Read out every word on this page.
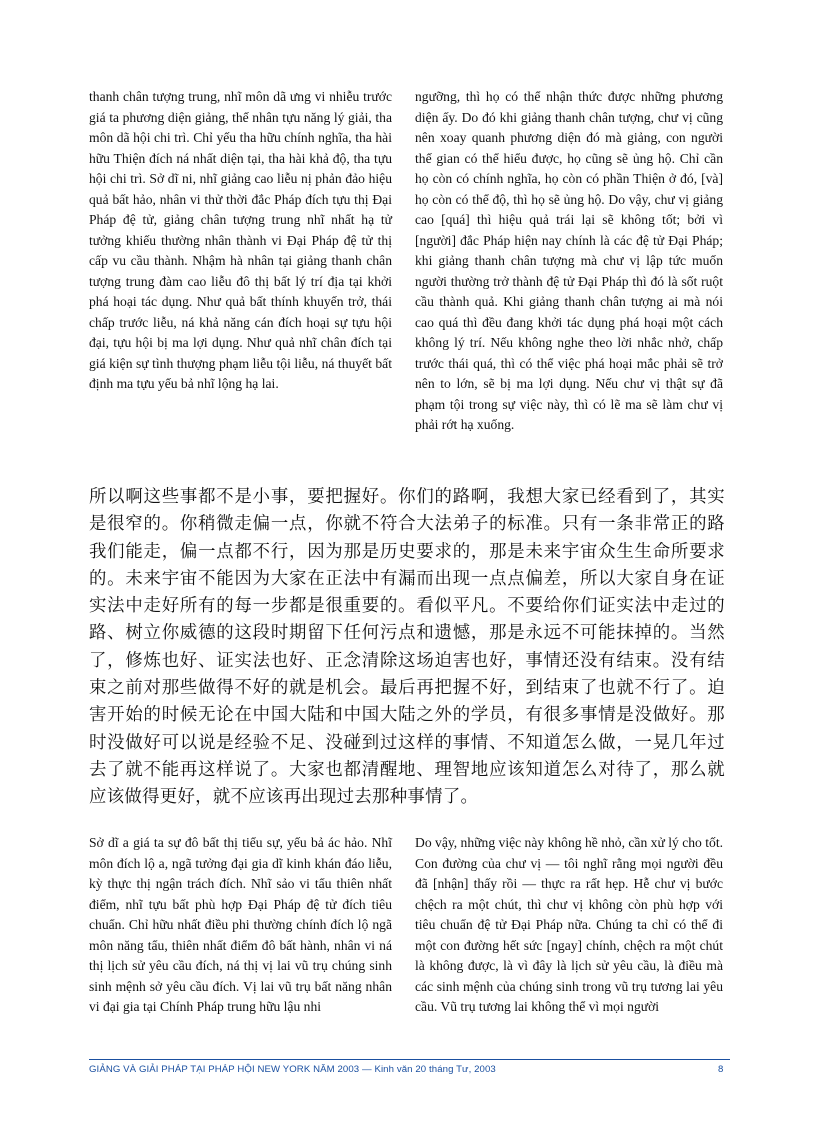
thanh chân tượng trung, nhĩ môn dã ưng vi nhiễu trước giá ta phương diện giảng, thế nhân tựu năng lý giải, tha môn dã hội chi trì. Chỉ yếu tha hữu chính nghĩa, tha hài hữu Thiện đích ná nhất diện tại, tha hài khả độ, tha tựu hội chi trì. Sở dĩ ni, nhĩ giảng cao liễu nị phản đảo hiệu quả bất hảo, nhân vi thử thời đắc Pháp đích tựu thị Đại Pháp đệ tử, giảng chân tượng trung nhĩ nhất hạ tử tưởng khiếu thường nhân thành vi Đại Pháp đệ tử thị cấp vu cầu thành. Nhậm hà nhân tại giảng thanh chân tượng trung đàm cao liễu đô thị bất lý trí địa tại khởi phá hoại tác dụng. Như quả bất thính khuyến trở, thái chấp trước liễu, ná khả năng cán đích hoại sự tựu hội đại, tựu hội bị ma lợi dụng. Như quả nhĩ chân đích tại giá kiện sự tình thượng phạm liễu tội liễu, ná thuyết bất định ma tựu yếu bả nhĩ lộng hạ lai.

ngưỡng, thì họ có thể nhận thức được những phương diện ấy. Do đó khi giảng thanh chân tượng, chư vị cũng nên xoay quanh phương diện đó mà giảng, con người thế gian có thể hiểu được, họ cũng sẽ ủng hộ. Chỉ cần họ còn có chính nghĩa, họ còn có phần Thiện ở đó, [và] họ còn có thể độ, thì họ sẽ ủng hộ. Do vậy, chư vị giảng cao [quá] thì hiệu quả trái lại sẽ không tốt; bởi vì [người] đắc Pháp hiện nay chính là các đệ tử Đại Pháp; khi giảng thanh chân tượng mà chư vị lập tức muốn người thường trở thành đệ tử Đại Pháp thì đó là sốt ruột cầu thành quả. Khi giảng thanh chân tượng ai mà nói cao quá thì đều đang khởi tác dụng phá hoại một cách không lý trí. Nếu không nghe theo lời nhắc nhở, chấp trước thái quá, thì có thể việc phá hoại mắc phải sẽ trở nên to lớn, sẽ bị ma lợi dụng. Nếu chư vị thật sự đã phạm tội trong sự việc này, thì có lẽ ma sẽ làm chư vị phải rớt hạ xuống.

所以啊这些事都不是小事，要把握好。你们的路啊，我想大家已经看到了，其实是很窄的。你稍微走偏一点，你就不符合大法弟子的标准。只有一条非常正的路我们能走，偏一点都不行，因为那是历史要求的，那是未来宇宙众生生命所要求的。未来宇宙不能因为大家在正法中有漏而出现一点点偏差，所以大家自身在证实法中走好所有的每一步都是很重要的。看似平凡。不要给你们证实法中走过的路、树立你威德的这段时期留下任何污点和遗憾，那是永远不可能抹掉的。当然了，修炼也好、证实法也好、正念清除这场迫害也好，事情还没有结束。没有结束之前对那些做得不好的就是机会。最后再把握不好，到结束了也就不行了。迫害开始的时候无论在中国大陆和中国大陆之外的学员，有很多事情是没做好。那时没做好可以说是经验不足、没碰到过这样的事情、不知道怎么做，一晃几年过去了就不能再这样说了。大家也都清醒地、理智地应该知道怎么对待了，那么就应该做得更好，就不应该再出现过去那种事情了。

Sở dĩ a giá ta sự đô bất thị tiểu sự, yếu bả ác hảo. Nhĩ môn đích lộ a, ngã tưởng đại gia dĩ kinh khán đáo liễu, kỳ thực thị ngận trách đích. Nhĩ sảo vi tẩu thiên nhất điểm, nhĩ tựu bất phù hợp Đại Pháp đệ tử đích tiêu chuẩn. Chỉ hữu nhất điều phi thường chính đích lộ ngã môn năng tẩu, thiên nhất điểm đô bất hành, nhân vi ná thị lịch sử yêu cầu đích, ná thị vị lai vũ trụ chúng sinh sinh mệnh sở yêu cầu đích. Vị lai vũ trụ bất năng nhân vi đại gia tại Chính Pháp trung hữu lậu nhi

Do vậy, những việc này không hề nhỏ, cần xử lý cho tốt. Con đường của chư vị — tôi nghĩ rằng mọi người đều đã [nhận] thấy rồi — thực ra rất hẹp. Hễ chư vị bước chệch ra một chút, thì chư vị không còn phù hợp với tiêu chuẩn đệ tử Đại Pháp nữa. Chúng ta chỉ có thể đi một con đường hết sức [ngay] chính, chệch ra một chút là không được, là vì đây là lịch sử yêu cầu, là điều mà các sinh mệnh của chúng sinh trong vũ trụ tương lai yêu cầu. Vũ trụ tương lai không thể vì mọi người

GIẢNG VÀ GIẢI PHÁP TẠI PHÁP HỘI NEW YORK NĂM 2003 — Kinh văn 20 tháng Tư, 2003	8
